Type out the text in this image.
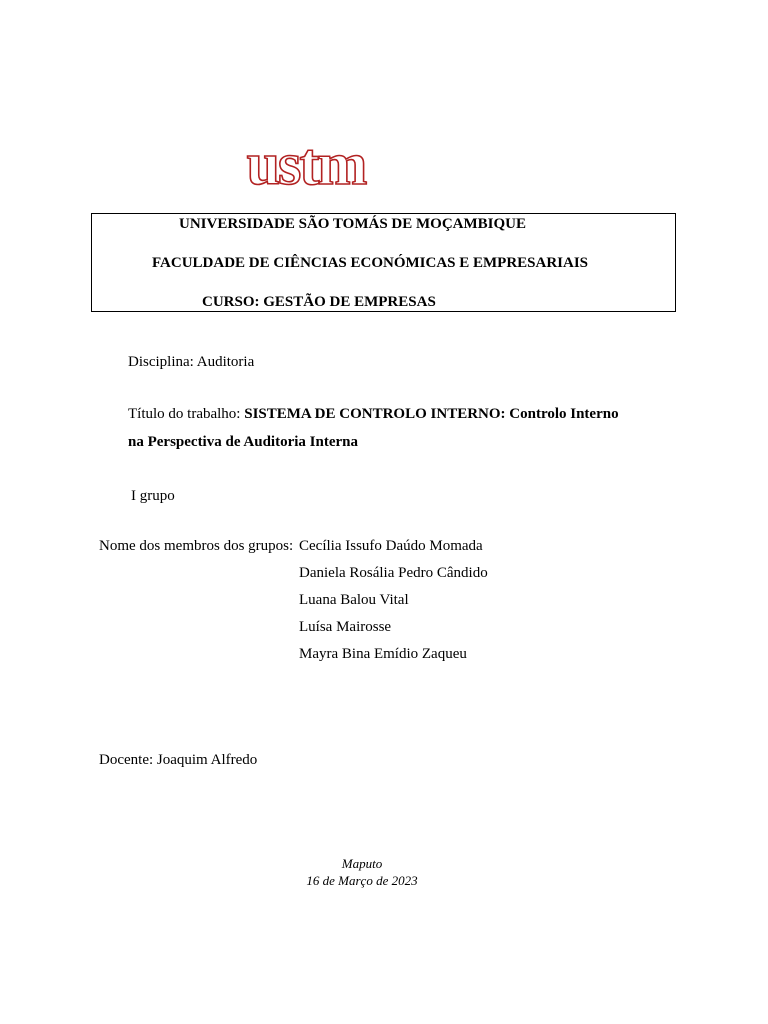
ustm
UNIVERSIDADE SÃO TOMÁS DE MOÇAMBIQUE
FACULDADE DE CIÊNCIAS ECONÓMICAS E EMPRESARIAIS
CURSO: GESTÃO DE EMPRESAS
Disciplina: Auditoria
Título do trabalho: SISTEMA DE CONTROLO INTERNO: Controlo Interno
na Perspectiva de Auditoria Interna
I grupo
Nome dos membros dos grupos: Cecília Issufo Daúdo Momada
Daniela Rosália Pedro Cândido
Luana Balou Vital
Luísa Mairosse
Mayra Bina Emídio Zaqueu
Docente: Joaquim Alfredo
Maputo
16 de Março de 2023
